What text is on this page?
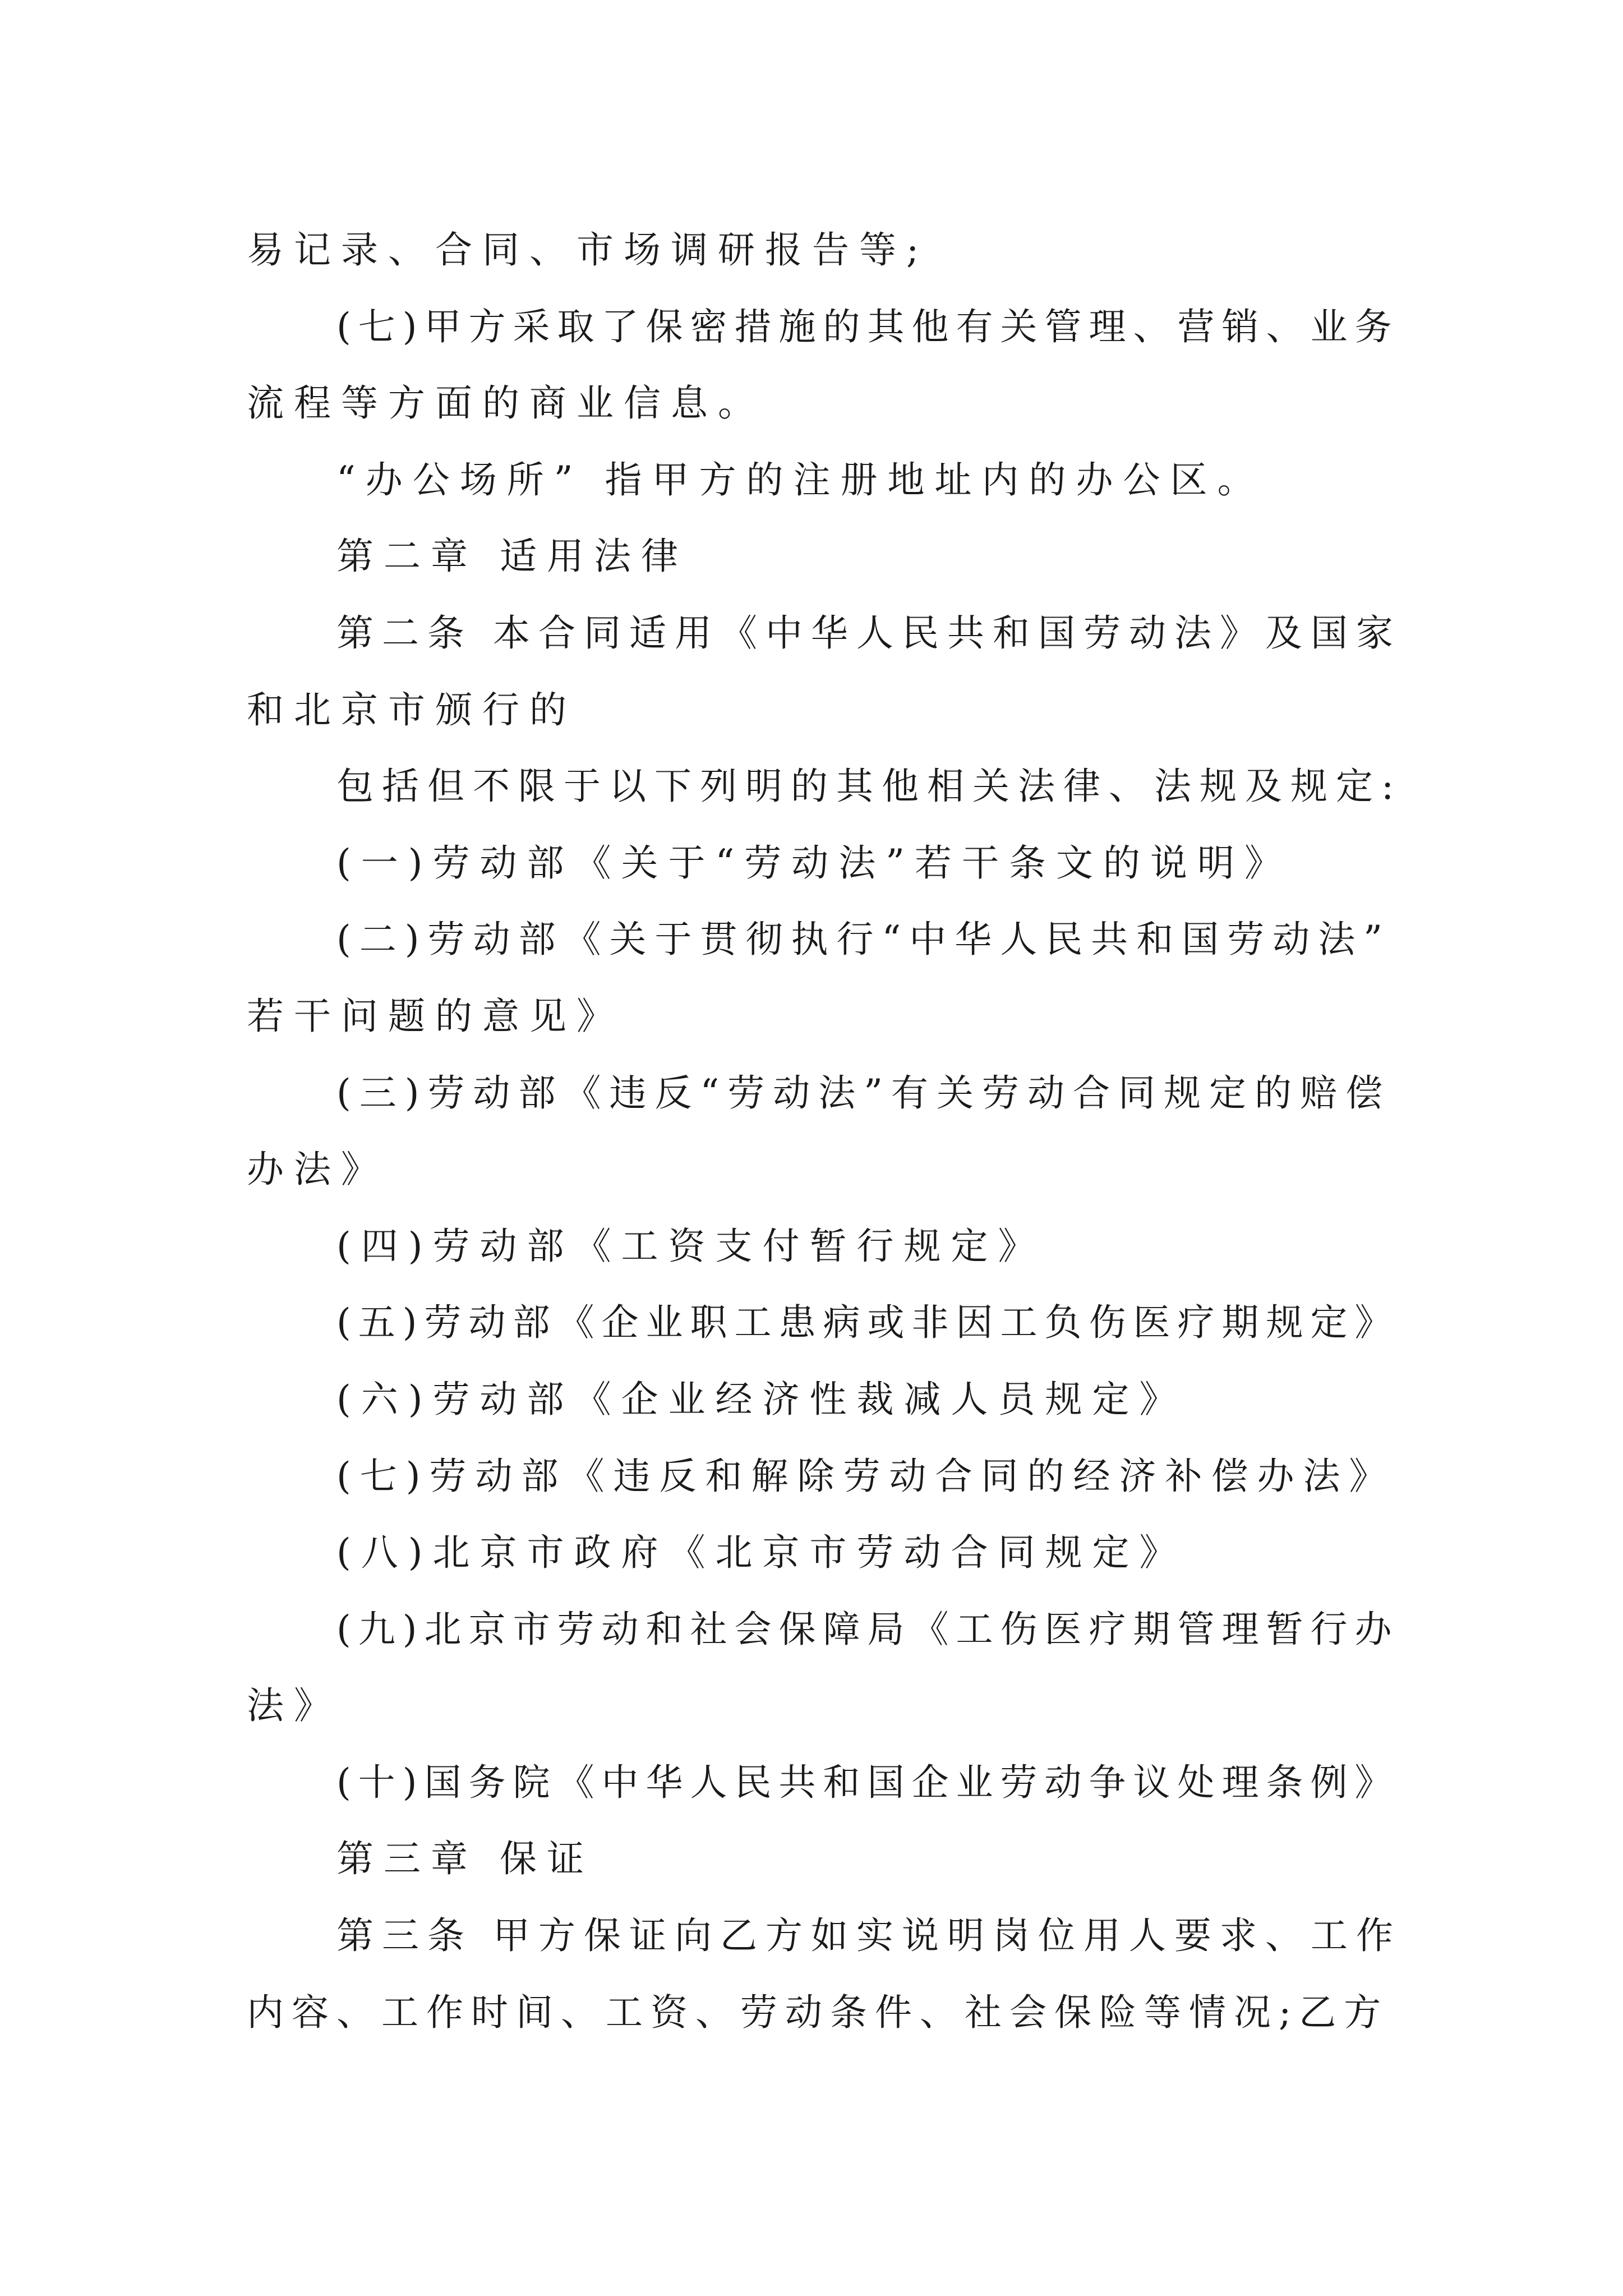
易记录、合同、市场调研报告等;
(七)甲方采取了保密措施的其他有关管理、营销、业务
流程等方面的商业信息。
“办公场所” 指甲方的注册地址内的办公区。
第二章 适用法律
第二条 本合同适用《中华人民共和国劳动法》及国家
和北京市颁行的
包括但不限于以下列明的其他相关法律、法规及规定:
(一)劳动部《关于“劳动法”若干条文的说明》
(二)劳动部《关于贯彻执行“中华人民共和国劳动法”
若干问题的意见》
(三)劳动部《违反“劳动法”有关劳动合同规定的赔偿
办法》
(四)劳动部《工资支付暂行规定》
(五)劳动部《企业职工患病或非因工负伤医疗期规定》
(六)劳动部《企业经济性裁减人员规定》
(七)劳动部《违反和解除劳动合同的经济补偿办法》
(八)北京市政府《北京市劳动合同规定》
(九)北京市劳动和社会保障局《工伤医疗期管理暂行办
法》
(十)国务院《中华人民共和国企业劳动争议处理条例》
第三章 保证
第三条 甲方保证向乙方如实说明岗位用人要求、工作
内容、工作时间、工资、劳动条件、社会保险等情况;乙方
